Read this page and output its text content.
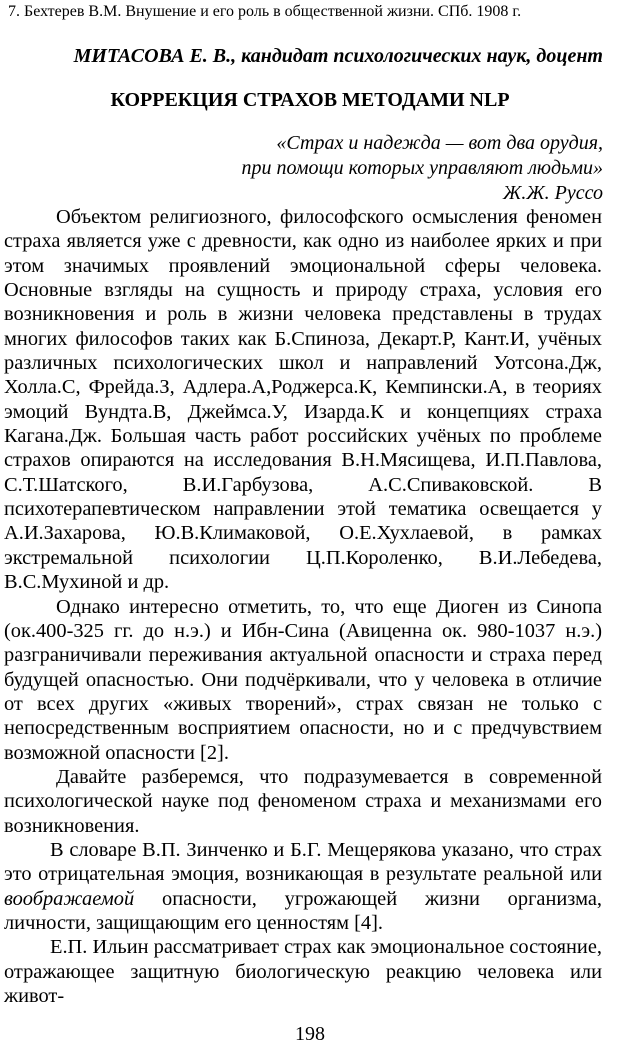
7. Бехтерев В.М. Внушение и его роль в общественной жизни. СПб. 1908 г.
МИТАСОВА Е. В., кандидат психологических наук, доцент
КОРРЕКЦИЯ СТРАХОВ МЕТОДАМИ NLP
«Страх и надежда — вот два орудия,
при помощи которых управляют людьми»
Ж.Ж. Руссо

Объектом религиозного, философского осмысления феномен страха является уже с древности, как одно из наиболее ярких и при этом значимых проявлений эмоциональной сферы человека. Основные взгляды на сущность и природу страха, условия его возникновения и роль в жизни человека представлены в трудах многих философов таких как Б.Спиноза, Декарт.Р, Кант.И, учёных различных психологических школ и направлений Уотсона.Дж, Холла.С, Фрейда.З, Адлера.А,Роджерса.К, Кемпински.А, в теориях эмоций Вундта.В, Джеймса.У, Изарда.К и концепциях страха Кагана.Дж. Большая часть работ российских учёных по проблеме страхов опираются на исследования В.Н.Мясищева, И.П.Павлова, С.Т.Шатского, В.И.Гарбузова, А.С.Спиваковской. В психотерапевтическом направлении этой тематика освещается у А.И.Захарова, Ю.В.Климаковой, О.Е.Хухлаевой, в рамках экстремальной психологии Ц.П.Короленко, В.И.Лебедева, В.С.Мухиной и др.

Однако интересно отметить, то, что еще Диоген из Синопа (ок.400-325 гг. до н.э.) и Ибн-Сина (Авиценна ок. 980-1037 н.э.) разграничивали переживания актуальной опасности и страха перед будущей опасностью. Они подчёркивали, что у человека в отличие от всех других «живых творений», страх связан не только с непосредственным восприятием опасности, но и с предчувствием возможной опасности [2].

Давайте разберемся, что подразумевается в современной психологической науке под феноменом страха и механизмами его возникновения.

В словаре В.П. Зинченко и Б.Г. Мещерякова указано, что страх это отрицательная эмоция, возникающая в результате реальной или воображаемой опасности, угрожающей жизни организма, личности, защищающим его ценностям [4].

E.П. Ильин рассматривает страх как эмоциональное состояние, отражающее защитную биологическую реакцию человека или живот-

198
